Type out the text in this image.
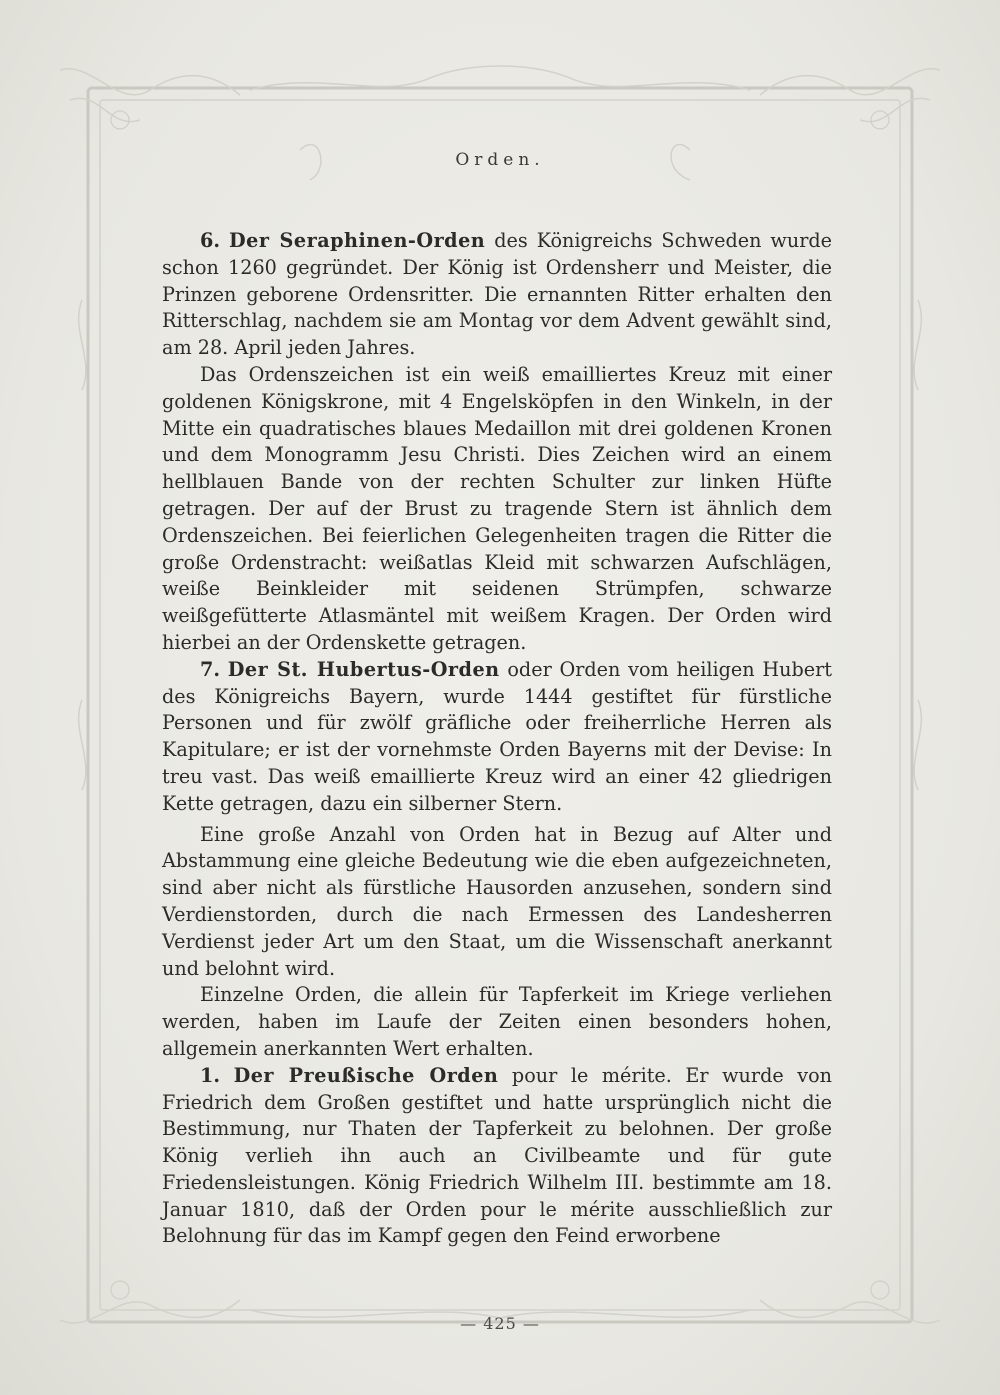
Orden.

6. Der Seraphinen-Orden des Königreichs Schweden wurde schon 1260 gegründet. Der König ist Ordensherr und Meister, die Prinzen geborene Ordensritter. Die ernannten Ritter erhalten den Ritterschlag, nachdem sie am Montag vor dem Advent gewählt sind, am 28. April jeden Jahres.

Das Ordenszeichen ist ein weiß emailliertes Kreuz mit einer goldenen Königskrone, mit 4 Engelsköpfen in den Winkeln, in der Mitte ein quadratisches blaues Medaillon mit drei goldenen Kronen und dem Monogramm Jesu Christi. Dies Zeichen wird an einem hellblauen Bande von der rechten Schulter zur linken Hüfte getragen. Der auf der Brust zu tragende Stern ist ähnlich dem Ordenszeichen. Bei feierlichen Gelegenheiten tragen die Ritter die große Ordenstracht: weißatlas Kleid mit schwarzen Aufschlägen, weiße Beinkleider mit seidenen Strümpfen, schwarze weißgefütterte Atlasmäntel mit weißem Kragen. Der Orden wird hierbei an der Ordenskette getragen.

7. Der St. Hubertus-Orden oder Orden vom heiligen Hubert des Königreichs Bayern, wurde 1444 gestiftet für fürstliche Personen und für zwölf gräfliche oder freiherrliche Herren als Kapitulare; er ist der vornehmste Orden Bayerns mit der Devise: In treu vast. Das weiß emaillierte Kreuz wird an einer 42 gliedrigen Kette getragen, dazu ein silberner Stern.

Eine große Anzahl von Orden hat in Bezug auf Alter und Abstammung eine gleiche Bedeutung wie die eben aufgezeichneten, sind aber nicht als fürstliche Hausorden anzusehen, sondern sind Verdienstorden, durch die nach Ermessen des Landesherren Verdienst jeder Art um den Staat, um die Wissenschaft anerkannt und belohnt wird.

Einzelne Orden, die allein für Tapferkeit im Kriege verliehen werden, haben im Laufe der Zeiten einen besonders hohen, allgemein anerkannten Wert erhalten.

1. Der Preußische Orden pour le mérite. Er wurde von Friedrich dem Großen gestiftet und hatte ursprünglich nicht die Bestimmung, nur Thaten der Tapferkeit zu belohnen. Der große König verlieh ihn auch an Civilbeamte und für gute Friedensleistungen. König Friedrich Wilhelm III. bestimmte am 18. Januar 1810, daß der Orden pour le mérite ausschließlich zur Belohnung für das im Kampf gegen den Feind erworbene

— 425 —
